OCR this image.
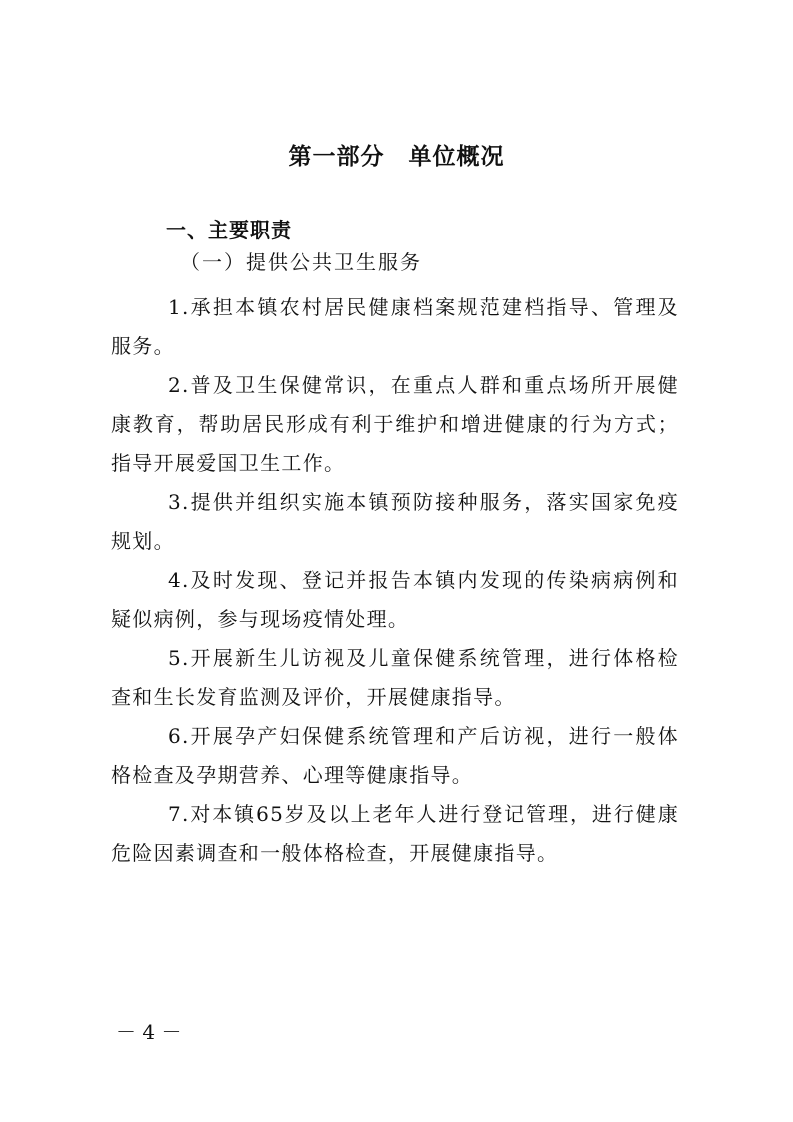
第一部分　单位概况
一、主要职责
（一）提供公共卫生服务

1.承担本镇农村居民健康档案规范建档指导、管理及服务。

2.普及卫生保健常识，在重点人群和重点场所开展健康教育，帮助居民形成有利于维护和增进健康的行为方式；指导开展爱国卫生工作。

3.提供并组织实施本镇预防接种服务，落实国家免疫规划。

4.及时发现、登记并报告本镇内发现的传染病病例和疑似病例，参与现场疫情处理。

5.开展新生儿访视及儿童保健系统管理，进行体格检查和生长发育监测及评价，开展健康指导。

6.开展孕产妇保健系统管理和产后访视，进行一般体格检查及孕期营养、心理等健康指导。

7.对本镇65岁及以上老年人进行登记管理，进行健康危险因素调查和一般体格检查，开展健康指导。

－ 4 －
